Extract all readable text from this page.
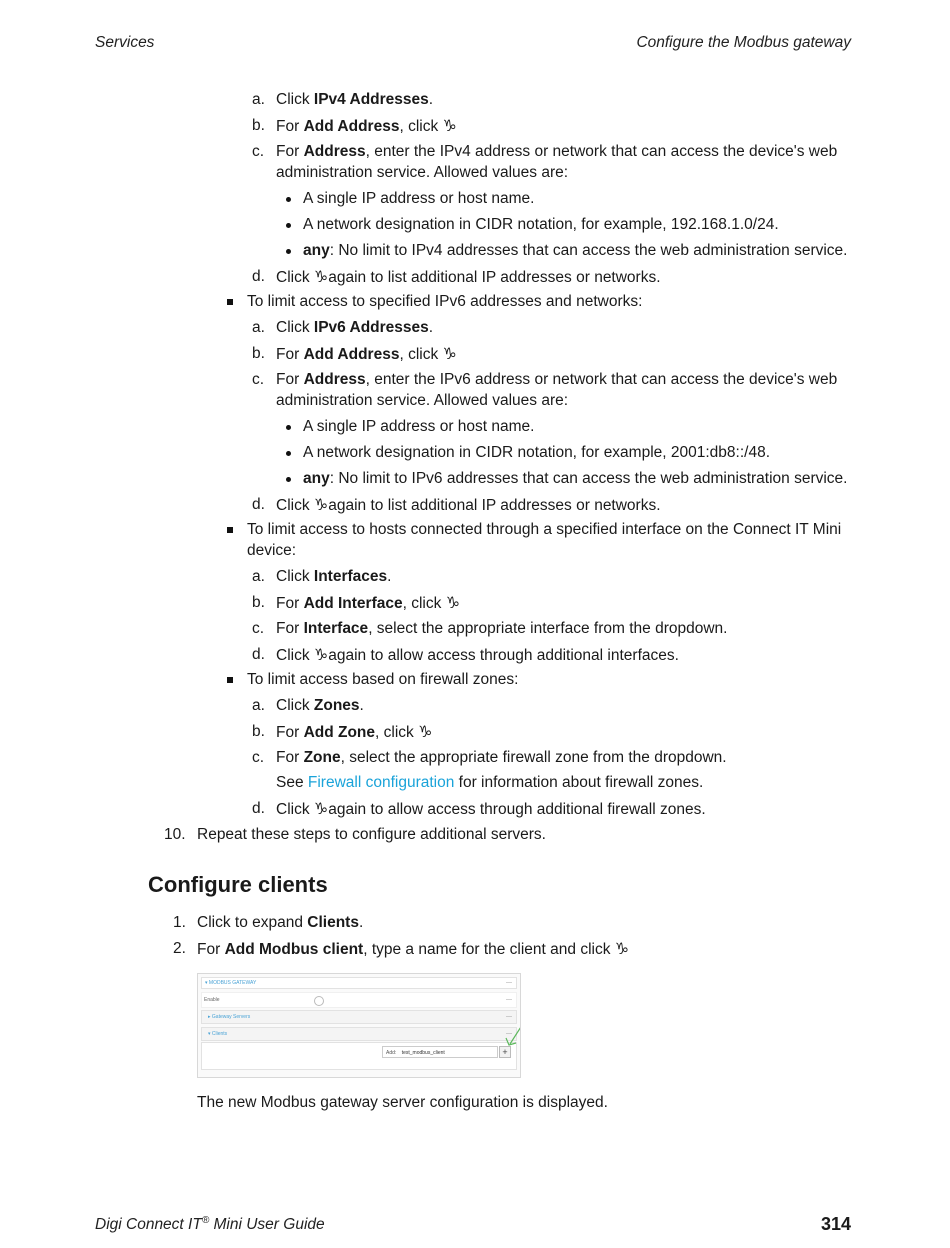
Services	Configure the Modbus gateway
a. Click IPv4 Addresses.
b. For Add Address, click ♑
c. For Address, enter the IPv4 address or network that can access the device's web
administration service. Allowed values are:
A single IP address or host name.
A network designation in CIDR notation, for example, 192.168.1.0/24.
any: No limit to IPv4 addresses that can access the web administration service.
d. Click ♑again to list additional IP addresses or networks.
To limit access to specified IPv6 addresses and networks:
a. Click IPv6 Addresses.
b. For Add Address, click ♑
c. For Address, enter the IPv6 address or network that can access the device's web
administration service. Allowed values are:
A single IP address or host name.
A network designation in CIDR notation, for example, 2001:db8::/48.
any: No limit to IPv6 addresses that can access the web administration service.
d. Click ♑again to list additional IP addresses or networks.
To limit access to hosts connected through a specified interface on the Connect IT Mini
device:
a. Click Interfaces.
b. For Add Interface, click ♑
c. For Interface, select the appropriate interface from the dropdown.
d. Click ♑again to allow access through additional interfaces.
To limit access based on firewall zones:
a. Click Zones.
b. For Add Zone, click ♑
c. For Zone, select the appropriate firewall zone from the dropdown.
See Firewall configuration for information about firewall zones.
d. Click ♑again to allow access through additional firewall zones.
10. Repeat these steps to configure additional servers.
Configure clients
1. Click to expand Clients.
2. For Add Modbus client, type a name for the client and click ♑
▾ MODBUS GATEWAY	—
Enable	—
▸ Gateway Servers	—
▾ Clients	—
Add: test_modbus_client	+
The new Modbus gateway server configuration is displayed.
Digi Connect IT® Mini User Guide	314
